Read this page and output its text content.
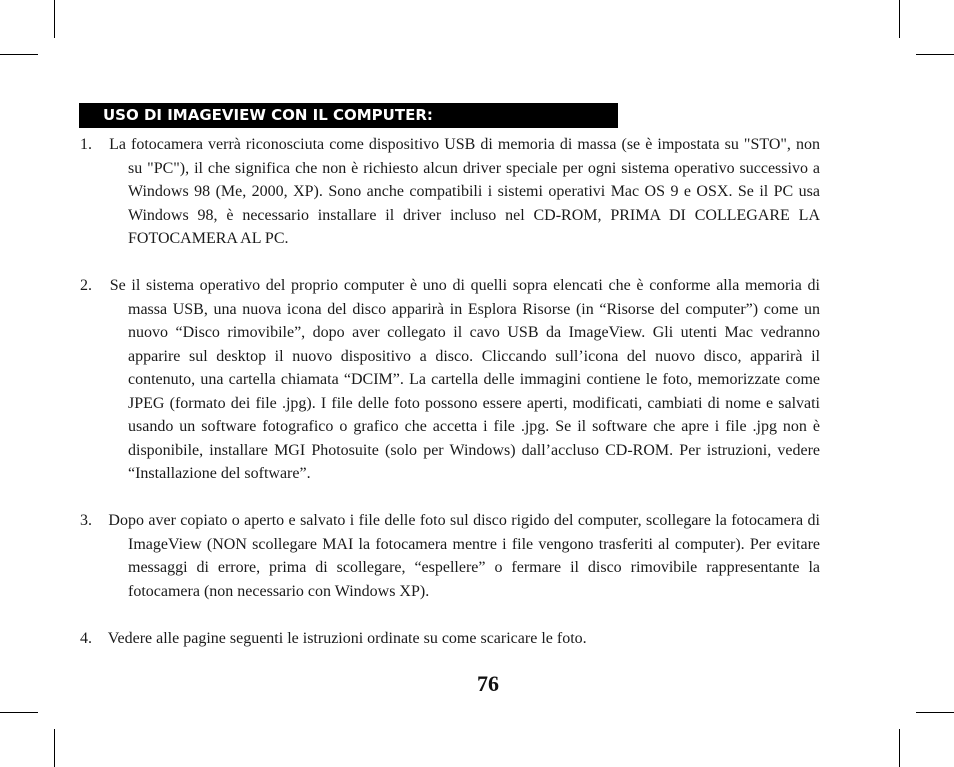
USO DI IMAGEVIEW CON IL COMPUTER:

1. La fotocamera verrà riconosciuta come dispositivo USB di memoria di massa (se è impostata su "STO", non su "PC"), il che significa che non è richiesto alcun driver speciale per ogni sistema operativo successivo a Windows 98 (Me, 2000, XP). Sono anche compatibili i sistemi operativi Mac OS 9 e OSX. Se il PC usa Windows 98, è necessario installare il driver incluso nel CD-ROM, PRIMA DI COLLEGARE LA FOTOCAMERA AL PC.

2. Se il sistema operativo del proprio computer è uno di quelli sopra elencati che è conforme alla memoria di massa USB, una nuova icona del disco apparirà in Esplora Risorse (in “Risorse del computer”) come un nuovo “Disco rimovibile”, dopo aver collegato il cavo USB da ImageView. Gli utenti Mac vedranno apparire sul desktop il nuovo dispositivo a disco. Cliccando sull’icona del nuovo disco, apparirà il contenuto, una cartella chiamata “DCIM”. La cartella delle immagini contiene le foto, memorizzate come JPEG (formato dei file .jpg). I file delle foto possono essere aperti, modificati, cambiati di nome e salvati usando un software fotografico o grafico che accetta i file .jpg. Se il software che apre i file .jpg non è disponibile, installare MGI Photosuite (solo per Windows) dall’accluso CD-ROM. Per istruzioni, vedere “Installazione del software”.

3. Dopo aver copiato o aperto e salvato i file delle foto sul disco rigido del computer, scollegare la fotocamera di ImageView (NON scollegare MAI la fotocamera mentre i file vengono trasferiti al computer). Per evitare messaggi di errore, prima di scollegare, “espellere” o fermare il disco rimovibile rappresentante la fotocamera (non necessario con Windows XP).

4. Vedere alle pagine seguenti le istruzioni ordinate su come scaricare le foto.

76
